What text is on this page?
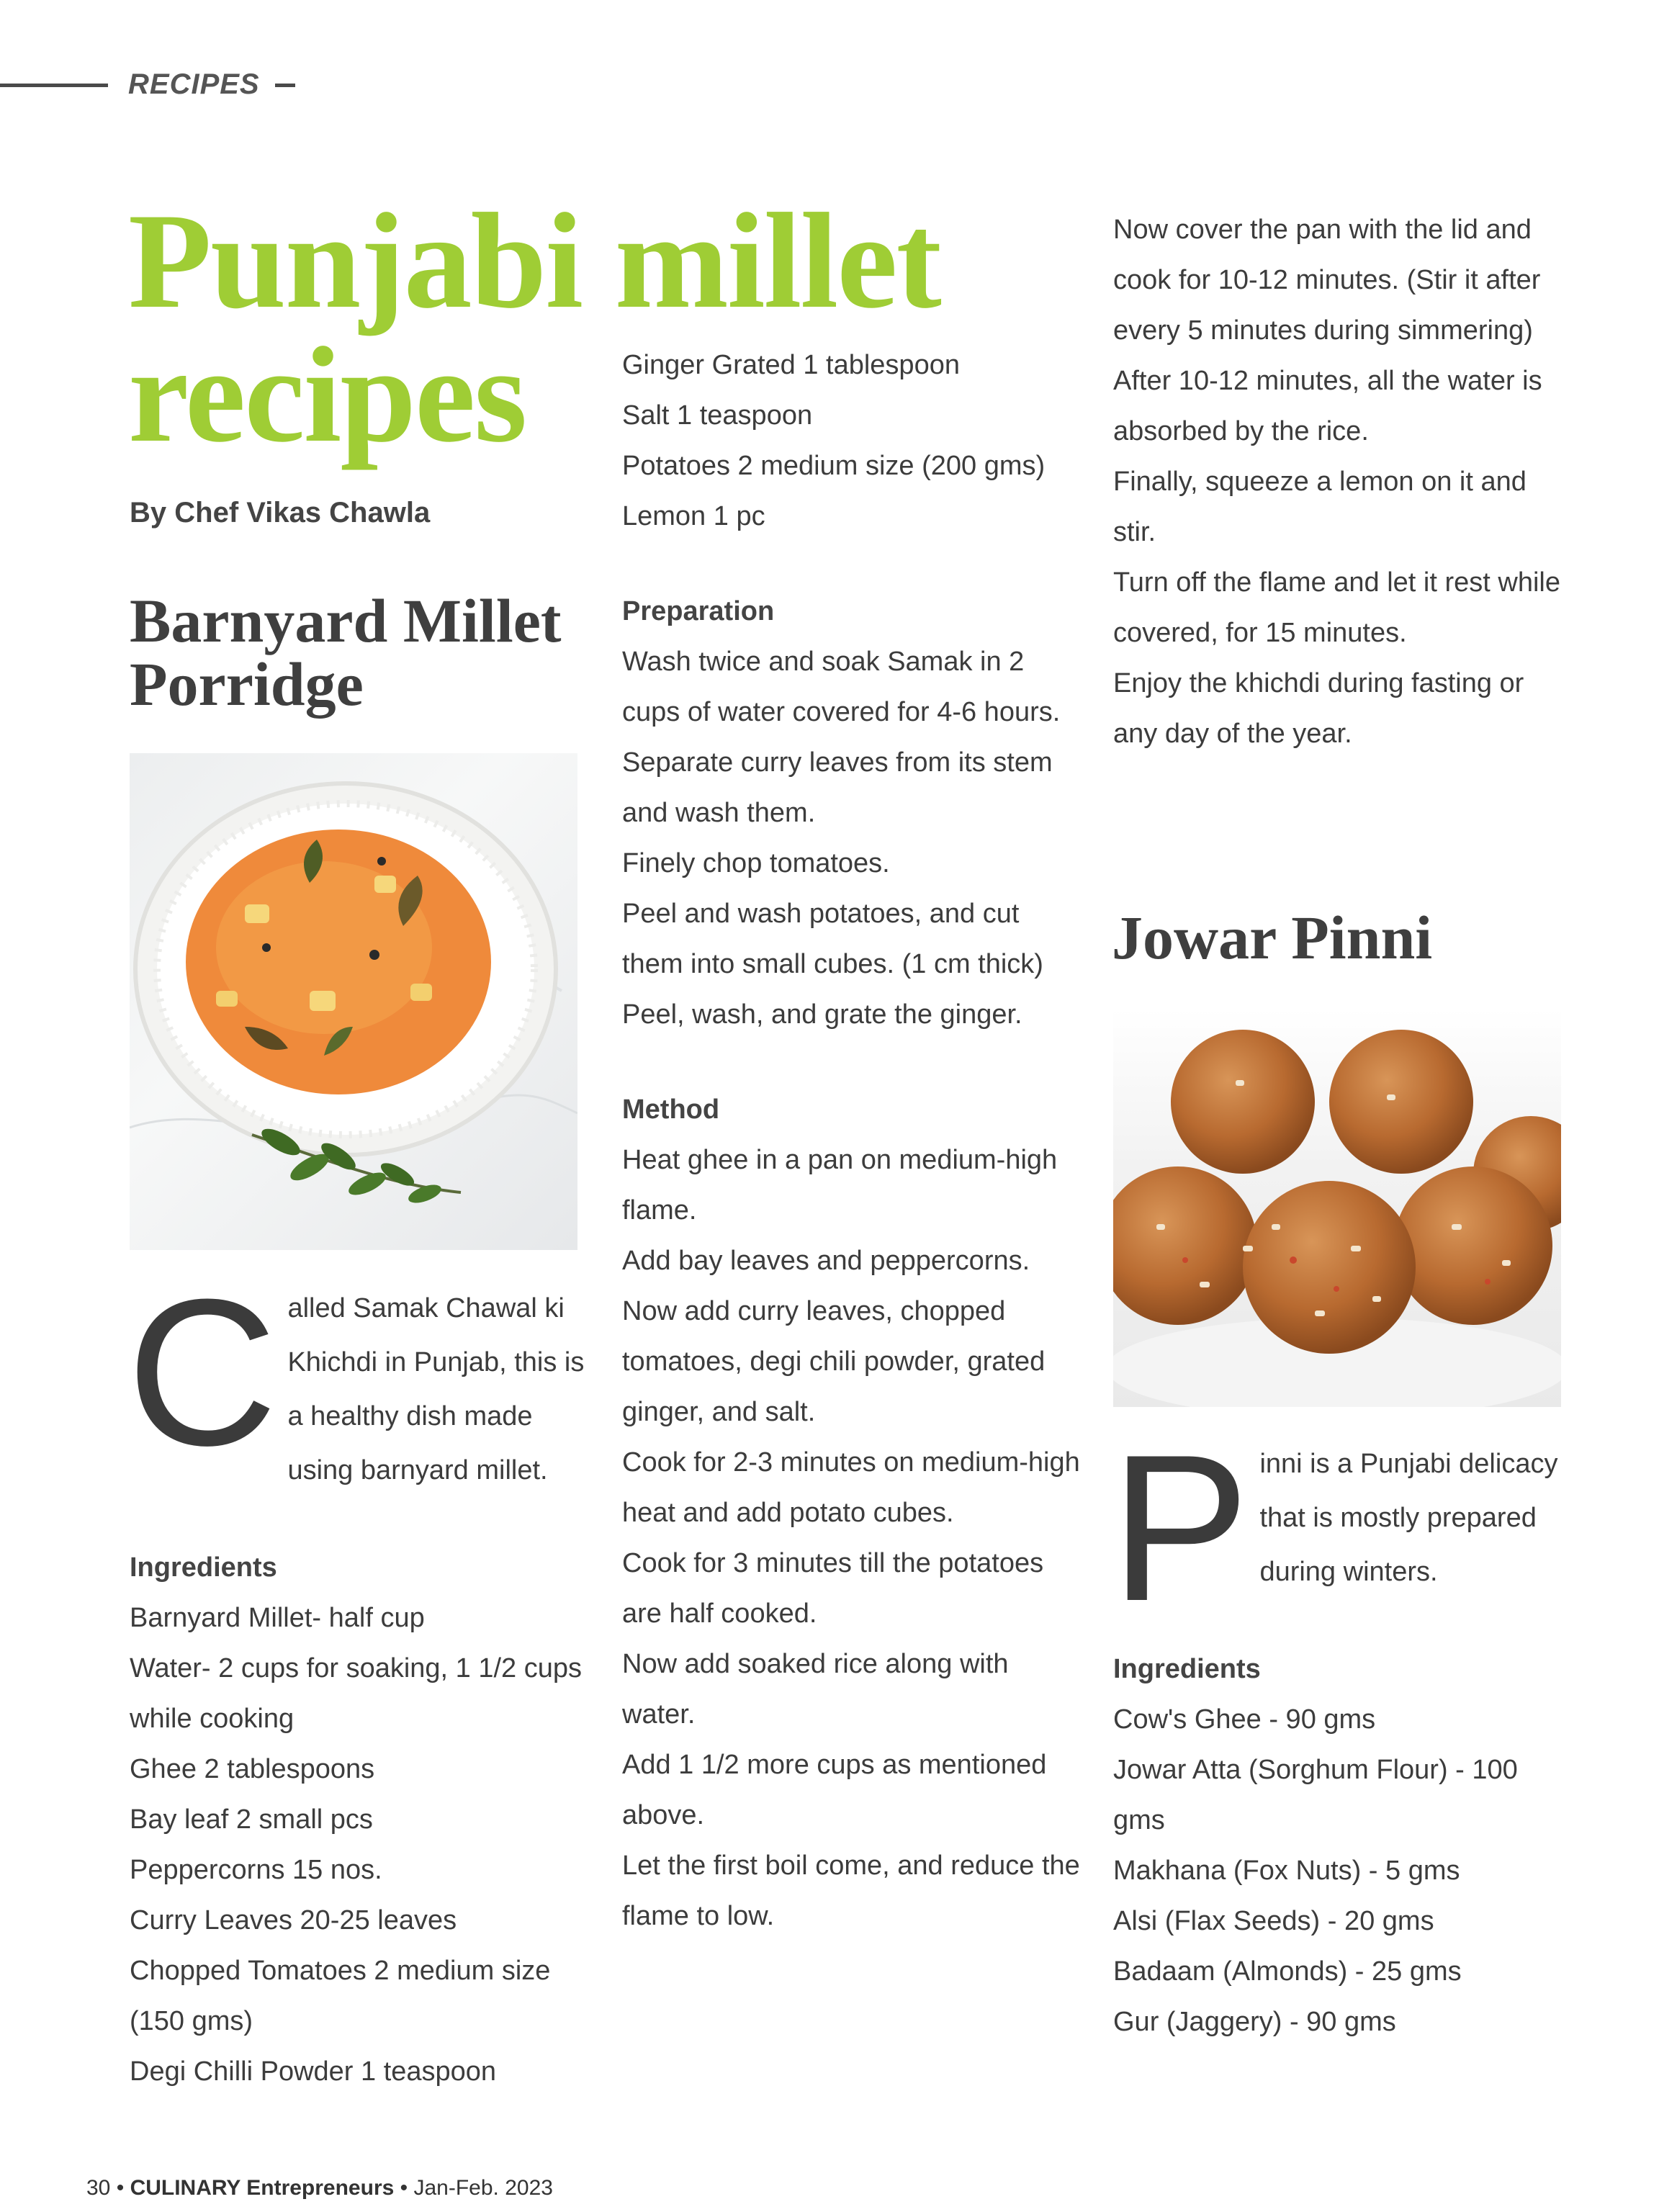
RECIPES
Punjabi millet
recipes
By Chef Vikas Chawla
Barnyard Millet
Porridge

C alled Samak Chawal ki Khichdi in Punjab, this is a healthy dish made using barnyard millet.

Ingredients

Barnyard Millet- half cup

Water- 2 cups for soaking, 1 1/2 cups while cooking

Ghee 2 tablespoons

Bay leaf 2 small pcs

Peppercorns 15 nos.

Curry Leaves 20-25 leaves

Chopped Tomatoes 2 medium size (150 gms)

Degi Chilli Powder 1 teaspoon

Ginger Grated 1 tablespoon

Salt 1 teaspoon

Potatoes 2 medium size (200 gms)

Lemon 1 pc

Preparation

Wash twice and soak Samak in 2 cups of water covered for 4-6 hours.

Separate curry leaves from its stem and wash them.

Finely chop tomatoes.

Peel and wash potatoes, and cut them into small cubes. (1 cm thick)

Peel, wash, and grate the ginger.

Method

Heat ghee in a pan on medium-high flame.

Add bay leaves and peppercorns.

Now add curry leaves, chopped tomatoes, degi chili powder, grated ginger, and salt.

Cook for 2-3 minutes on medium-high heat and add potato cubes.

Cook for 3 minutes till the potatoes are half cooked.

Now add soaked rice along with water.

Add 1 1/2 more cups as mentioned above.

Let the first boil come, and reduce the flame to low.

Now cover the pan with the lid and cook for 10-12 minutes. (Stir it after every 5 minutes during simmering)

After 10-12 minutes, all the water is absorbed by the rice.

Finally, squeeze a lemon on it and stir.

Turn off the flame and let it rest while covered, for 15 minutes.

Enjoy the khichdi during fasting or any day of the year.

Jowar Pinni

P inni is a Punjabi delicacy that is mostly prepared during winters.

Ingredients

Cow's Ghee - 90 gms

Jowar Atta (Sorghum Flour) - 100 gms

Makhana (Fox Nuts) - 5 gms

Alsi (Flax Seeds) - 20 gms

Badaam (Almonds) - 25 gms

Gur (Jaggery) - 90 gms

30 • CULINARY Entrepreneurs • Jan-Feb. 2023
